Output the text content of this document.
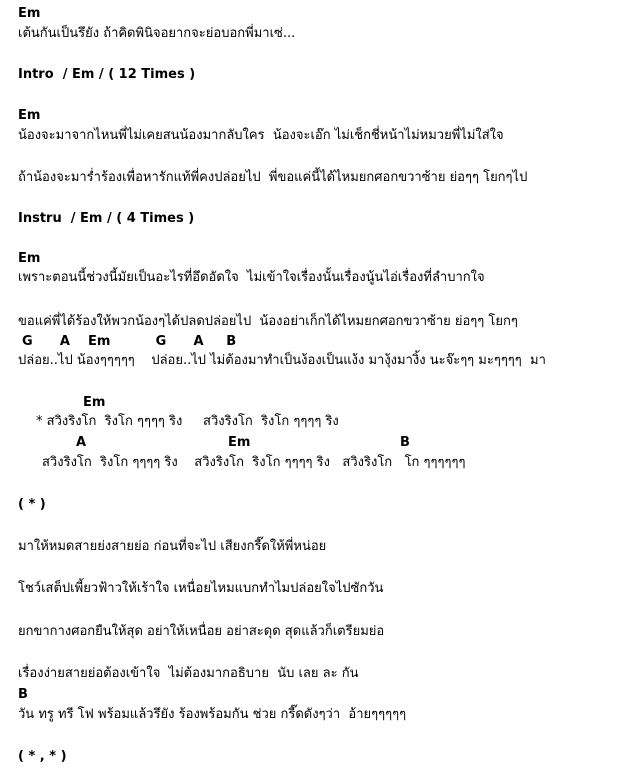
Em
เต้นกันเป็นรึยัง ถ้าคิดพินิจอยากจะย่อบอกพี่มาเซ่...
Intro  / Em / ( 12 Times )
Em
น้องจะมาจากไหนพี่ไม่เคยสนน้องมากลับใคร  น้องจะเอ๊ก ไม่เช็กชี่หน้าไม่หมวยพี่ไม่ใส่ใจ
ถ้าน้องจะมาร่ำร้องเพื่อหารักแท้พี่คงปล่อยไป  พี่ขอแค่นี้ได้ไหมยกศอกขวาซ้าย ย่อๆๆ โยกๆไป
Instru  / Em / ( 4 Times )
Em
เพราะตอนนี้ช่วงนี้มัยเป็นอะไรที่อึดอัดใจ  ไม่เข้าใจเรื่องนั้นเรื่องนู้นไอ่เรื่องที่ลำบากใจ
ขอแค่พี่ได้ร้องให้พวกน้องๆได้ปลดปล่อยไป  น้องอย่าเก็กได้ไหมยกศอกขวาซ้าย ย่อๆๆ โยกๆ
G      A    Em          G      A     B
ปล่อย..ไป น้องๆๆๆๆๆ    ปล่อย..ไป ไม่ต้องมาทำเป็นง้องเป็นแง้ง มางุ้งมางิ้ง นะจ๊ะๆๆ มะๆๆๆๆ  มา
Em
* สวิงริงโก  ริงโก ๆๆๆๆ ริง     สวิงริงโก  ริงโก ๆๆๆๆ ริง
A	Em	B
สวิงริงโก  ริงโก ๆๆๆๆ ริง    สวิงริงโก  ริงโก ๆๆๆๆ ริง   สวิงริงโก   โก ๆๆๆๆๆๆ
( * )
มาให้หมดสายย่งสายย่อ ก่อนที่จะไป เสียงกรี๊ดให้พี่หน่อย
โชว์เสต็ปเพี้ยวฟ้าวให้เร้าใจ เหนื่อยไหมแบกทำไมปล่อยใจไปซักวัน
ยกขากางศอกยืนให้สุด อย่าให้เหนื่อย อย่าสะดุด สุดแล้วก็เตรียมย่อ
เรื่องง่ายสายย่อต้องเข้าใจ  ไม่ต้องมากอธิบาย  นับ เลย ละ กัน
B
วัน ทรู ทรี โฟ พร้อมแล้วรึยัง ร้องพร้อมกัน ช่วย กรี๊ดดังๆว่า  อ้ายๆๆๆๆๆ
( * , * )
